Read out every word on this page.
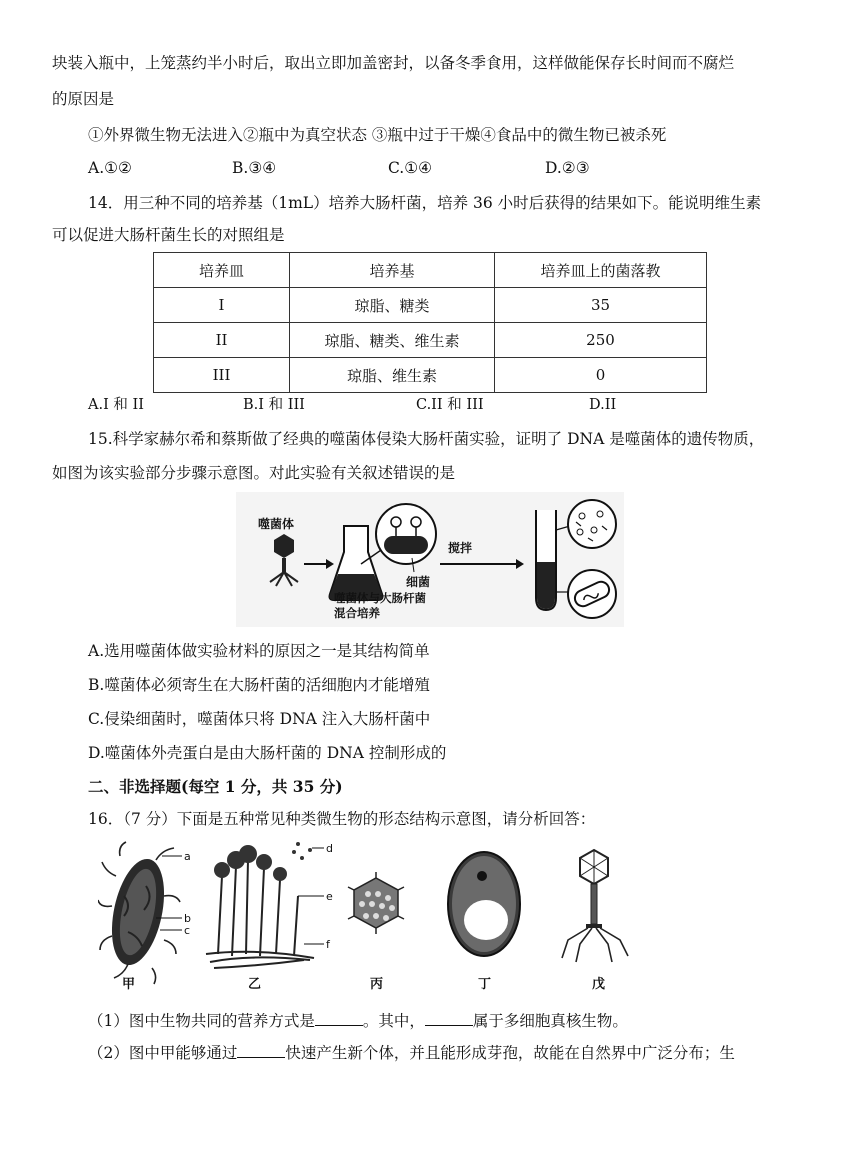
块装入瓶中，上笼蒸约半小时后，取出立即加盖密封，以备冬季食用，这样做能保存长时间而不腐烂
的原因是
①外界微生物无法进入②瓶中为真空状态 ③瓶中过于干燥④食品中的微生物已被杀死
A.①②	B.③④	C.①④	D.②③
14．用三种不同的培养基（1mL）培养大肠杆菌，培养 36 小时后获得的结果如下。能说明维生素
可以促进大肠杆菌生长的对照组是
培养皿	培养基	培养皿上的菌落教
I	琼脂、糖类	35
II	琼脂、糖类、维生素	250
III	琼脂、维生素	0
A.I 和 II	B.I 和 III	C.II 和 III	D.II
15.科学家赫尔希和蔡斯做了经典的噬菌体侵染大肠杆菌实验，证明了 DNA 是噬菌体的遗传物质，
如图为该实验部分步骤示意图。对此实验有关叙述错误的是
噬菌体
细菌
噬菌体与大肠杆菌
混合培养
搅拌
A.选用噬菌体做实验材料的原因之一是其结构简单
B.噬菌体必须寄生在大肠杆菌的活细胞内才能增殖
C.侵染细菌时，噬菌体只将 DNA 注入大肠杆菌中
D.噬菌体外壳蛋白是由大肠杆菌的 DNA 控制形成的
二、非选择题(每空 1 分，共 35 分)
16．（7 分）下面是五种常见种类微生物的形态结构示意图，请分析回答：
a
b
c
甲
d
e
f
乙	丙	丁	戊
（1）图中生物共同的营养方式是	。其中，	属于多细胞真核生物。
（2）图中甲能够通过	快速产生新个体，并且能形成芽孢，故能在自然界中广泛分布；生
